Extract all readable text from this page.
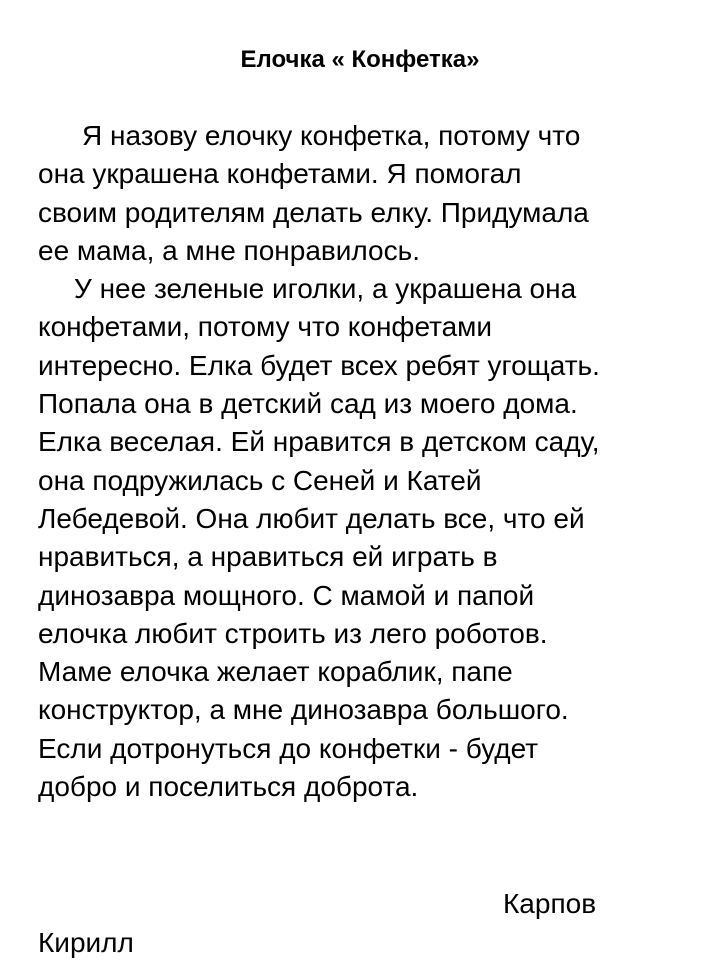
Елочка « Конфетка»
Я назову елочку конфетка, потому что
она украшена конфетами. Я помогал
своим родителям делать елку. Придумала
ее мама, а мне понравилось.
У нее зеленые иголки, а украшена она
конфетами, потому что конфетами
интересно. Елка будет всех ребят угощать.
Попала она в детский сад из моего дома.
Елка веселая. Ей нравится в детском саду,
она подружилась с Сеней и Катей
Лебедевой. Она любит делать все, что ей
нравиться, а нравиться ей играть в
динозавра мощного. С мамой и папой
елочка любит строить из лего роботов.
Маме елочка желает кораблик, папе
конструктор, а мне динозавра большого.
Если дотронуться до конфетки - будет
добро и поселиться доброта.
Карпов
Кирилл
